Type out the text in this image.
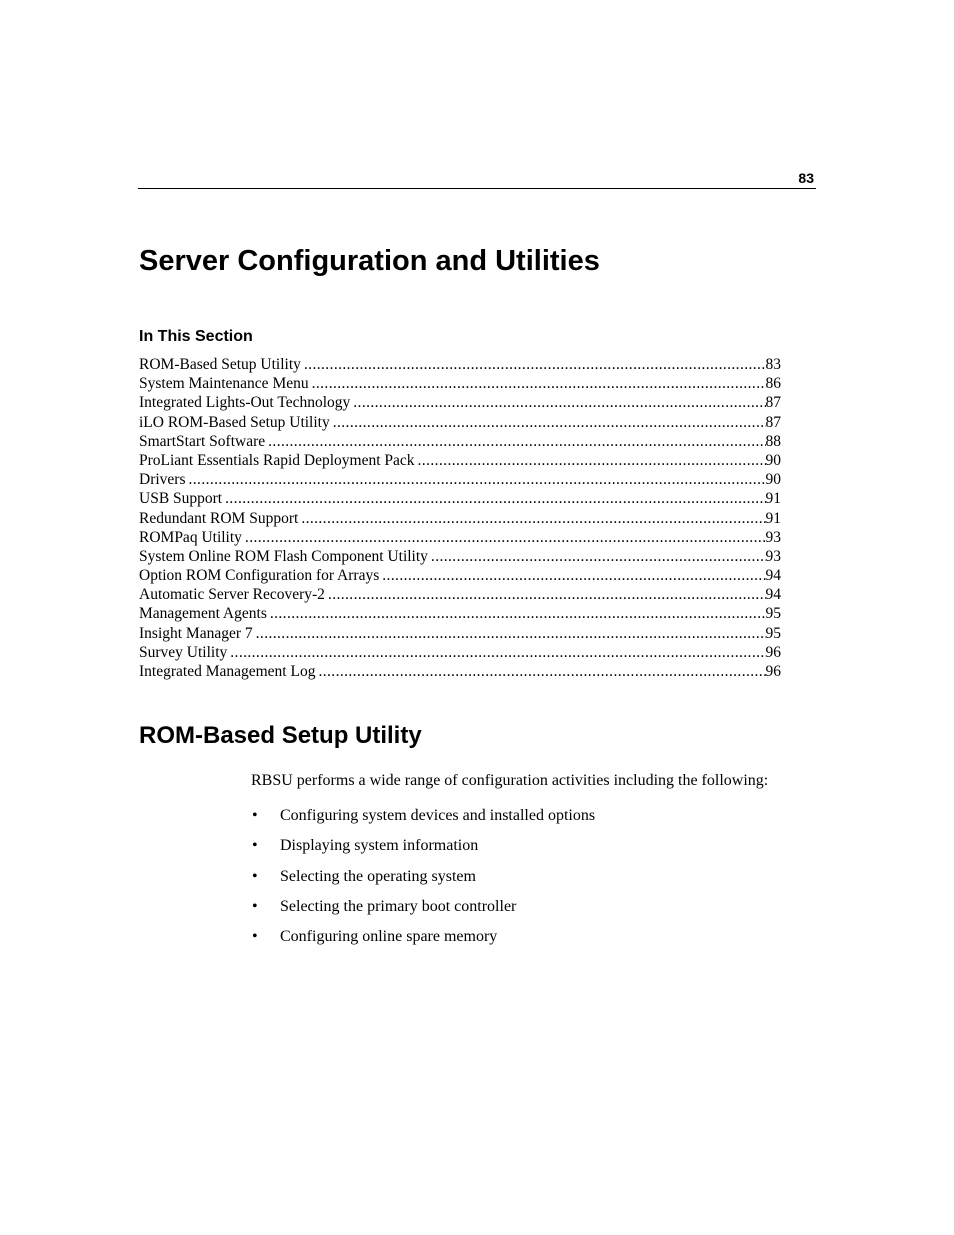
83
Server Configuration and Utilities
In This Section
ROM-Based Setup Utility .....	83
System Maintenance Menu .....	86
Integrated Lights-Out Technology .....	87
iLO ROM-Based Setup Utility .....	87
SmartStart Software .....	88
ProLiant Essentials Rapid Deployment Pack .....	90
Drivers .....	90
USB Support .....	91
Redundant ROM Support .....	91
ROMPaq Utility .....	93
System Online ROM Flash Component Utility .....	93
Option ROM Configuration for Arrays .....	94
Automatic Server Recovery-2 .....	94
Management Agents .....	95
Insight Manager 7 .....	95
Survey Utility .....	96
Integrated Management Log .....	96
ROM-Based Setup Utility

RBSU performs a wide range of configuration activities including the following:

• Configuring system devices and installed options
• Displaying system information
• Selecting the operating system
• Selecting the primary boot controller
• Configuring online spare memory
